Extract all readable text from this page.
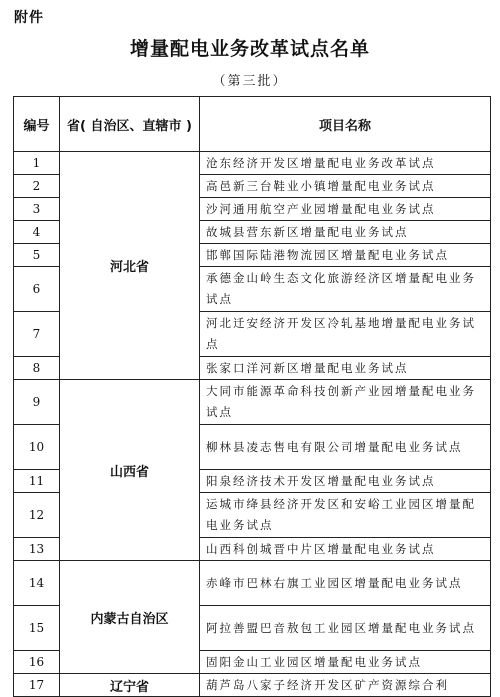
附件
增量配电业务改革试点名单
（第三批）
编号	省( 自治区、直辖市 )	项目名称
1	河北省	沧东经济开发区增量配电业务改革试点
2		高邑新三台鞋业小镇增量配电业务试点
3		沙河通用航空产业园增量配电业务试点
4		故城县营东新区增量配电业务试点
5		邯郸国际陆港物流园区增量配电业务试点
6		承德金山岭生态文化旅游经济区增量配电业务试点
7		河北迁安经济开发区冷轧基地增量配电业务试点
8		张家口洋河新区增量配电业务试点
9	山西省	大同市能源革命科技创新产业园增量配电业务试点
10		柳林县凌志售电有限公司增量配电业务试点
11		阳泉经济技术开发区增量配电业务试点
12		运城市绛县经济开发区和安峪工业园区增量配电业务试点
13		山西科创城晋中片区增量配电业务试点
14	内蒙古自治区	赤峰市巴林右旗工业园区增量配电业务试点
15		阿拉善盟巴音敖包工业园区增量配电业务试点
16		固阳金山工业园区增量配电业务试点
17	辽宁省	葫芦岛八家子经济开发区矿产资源综合利
